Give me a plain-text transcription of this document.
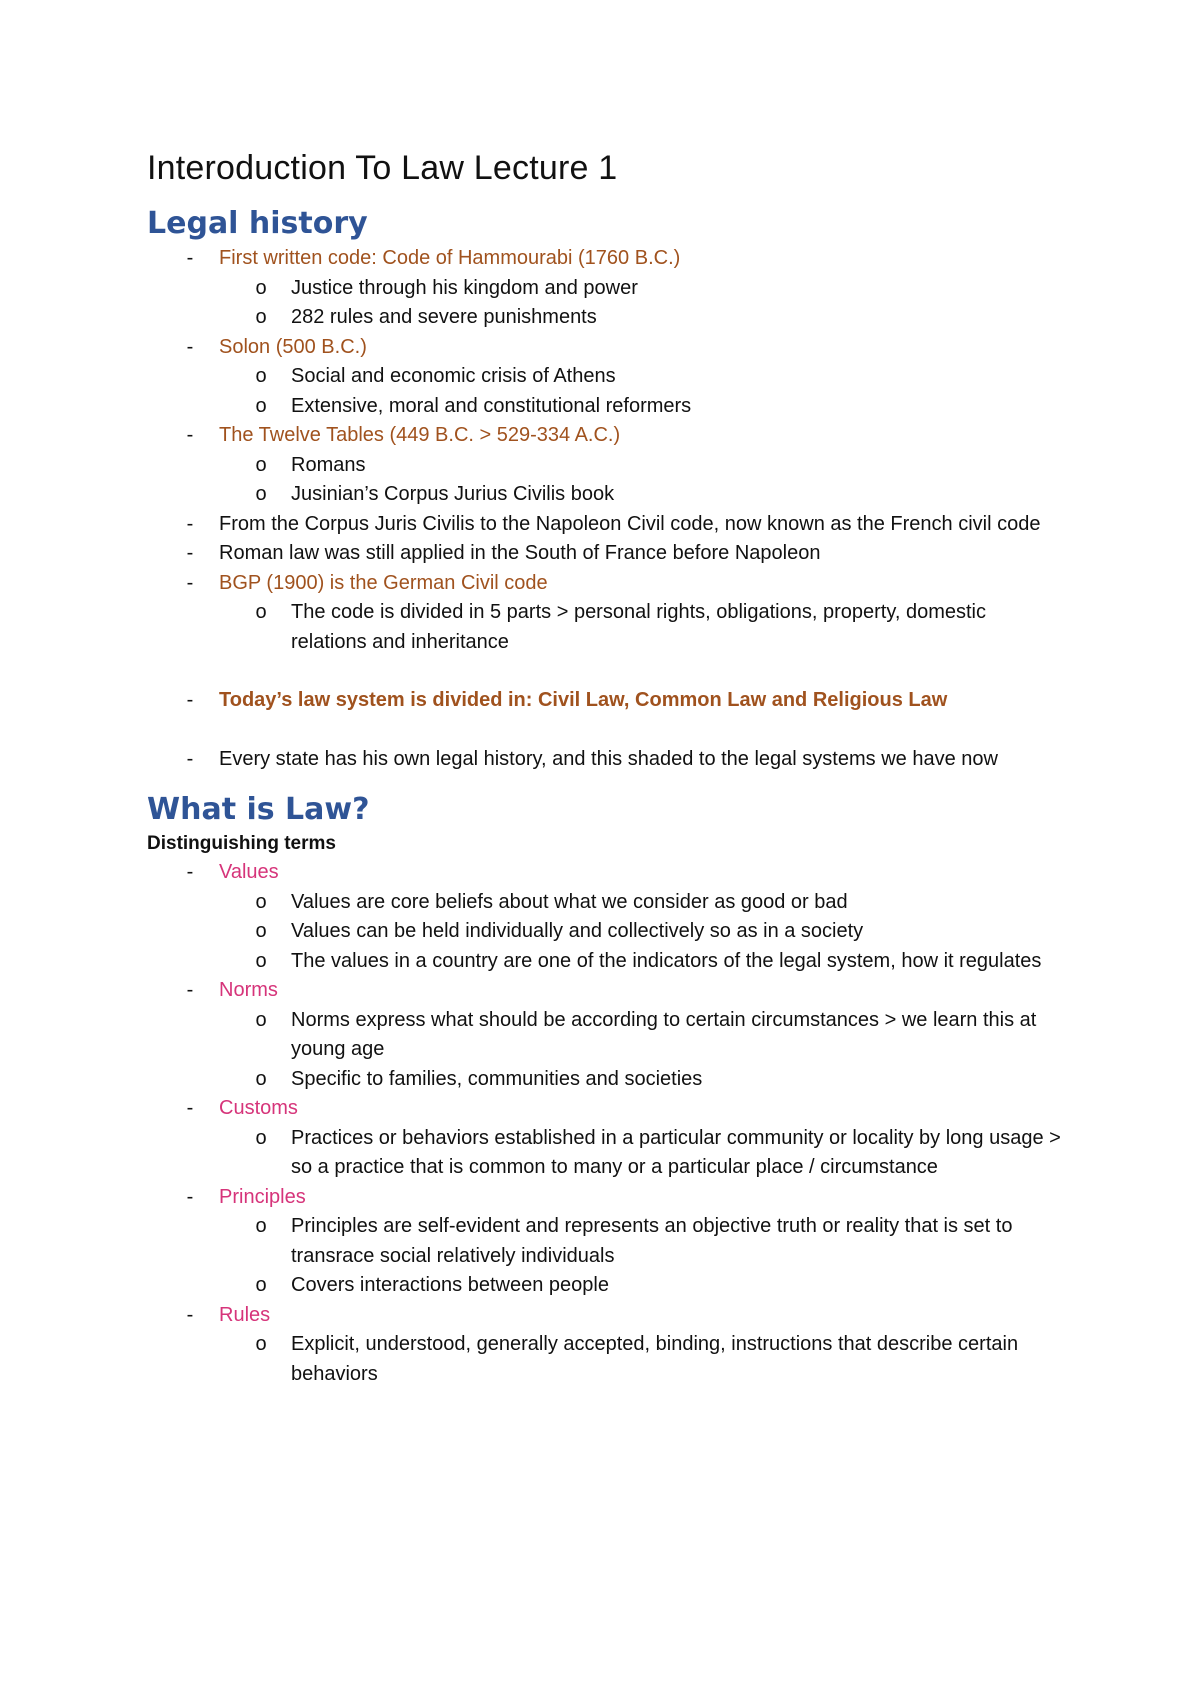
Interoduction To Law Lecture 1
Legal history
- First written code: Code of Hammourabi (1760 B.C.)
o Justice through his kingdom and power
o 282 rules and severe punishments
- Solon (500 B.C.)
o Social and economic crisis of Athens
o Extensive, moral and constitutional reformers
- The Twelve Tables (449 B.C. > 529-334 A.C.)
o Romans
o Jusinian’s Corpus Jurius Civilis book
- From the Corpus Juris Civilis to the Napoleon Civil code, now known as the French civil code
- Roman law was still applied in the South of France before Napoleon
- BGP (1900) is the German Civil code
o The code is divided in 5 parts > personal rights, obligations, property, domestic relations and inheritance
- Today’s law system is divided in: Civil Law, Common Law and Religious Law
- Every state has his own legal history, and this shaded to the legal systems we have now
What is Law?

Distinguishing terms

- Values
o Values are core beliefs about what we consider as good or bad
o Values can be held individually and collectively so as in a society
o The values in a country are one of the indicators of the legal system, how it regulates
- Norms
o Norms express what should be according to certain circumstances > we learn this at young age
o Specific to families, communities and societies
- Customs
o Practices or behaviors established in a particular community or locality by long usage > so a practice that is common to many or a particular place / circumstance
- Principles
o Principles are self-evident and represents an objective truth or reality that is set to transrace social relatively individuals
o Covers interactions between people
- Rules
o Explicit, understood, generally accepted, binding, instructions that describe certain behaviors
